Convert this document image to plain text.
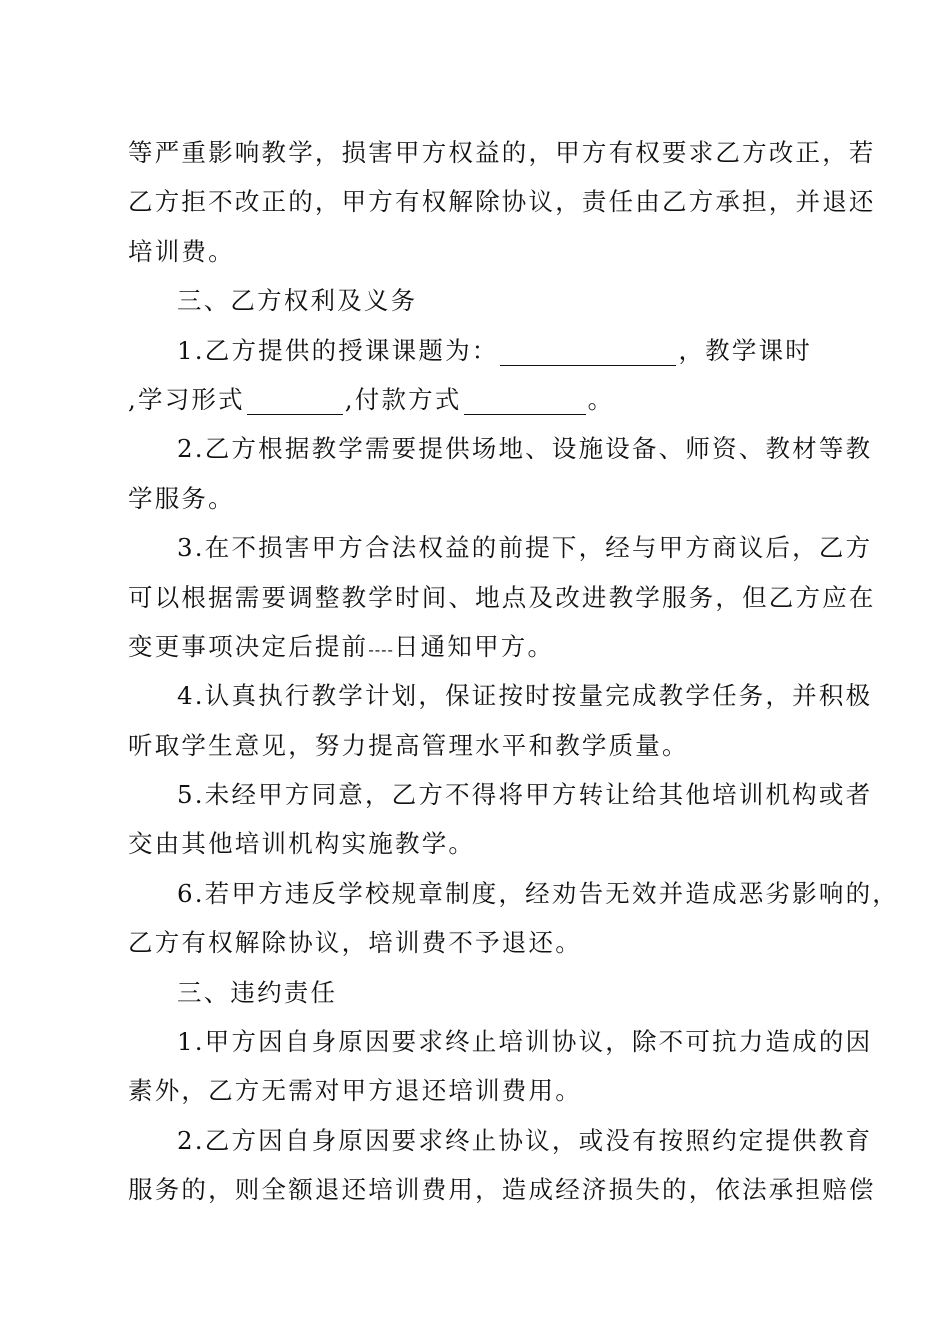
等严重影响教学，损害甲方权益的，甲方有权要求乙方改正，若
乙方拒不改正的，甲方有权解除协议，责任由乙方承担，并退还
培训费。
三、乙方权利及义务
1.乙方提供的授课课题为：	，教学课时
,学习形式	,付款方式	。
2.乙方根据教学需要提供场地、设施设备、师资、教材等教
学服务。
3.在不损害甲方合法权益的前提下，经与甲方商议后，乙方
可以根据需要调整教学时间、地点及改进教学服务，但乙方应在
变更事项决定后提前----日通知甲方。
4.认真执行教学计划，保证按时按量完成教学任务，并积极
听取学生意见，努力提高管理水平和教学质量。
5.未经甲方同意，乙方不得将甲方转让给其他培训机构或者
交由其他培训机构实施教学。
6.若甲方违反学校规章制度，经劝告无效并造成恶劣影响的，
乙方有权解除协议，培训费不予退还。
三、违约责任
1.甲方因自身原因要求终止培训协议，除不可抗力造成的因
素外，乙方无需对甲方退还培训费用。
2.乙方因自身原因要求终止协议，或没有按照约定提供教育
服务的，则全额退还培训费用，造成经济损失的，依法承担赔偿
